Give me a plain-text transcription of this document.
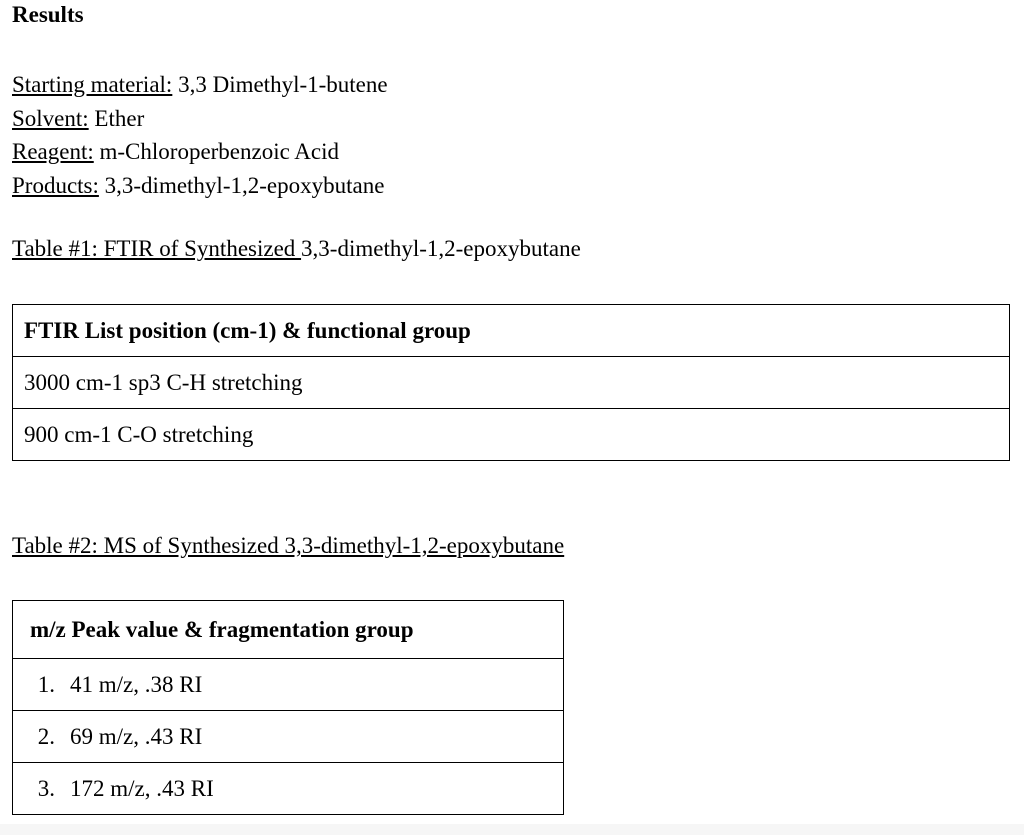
Results
Starting material: 3,3 Dimethyl-1-butene
Solvent: Ether
Reagent: m-Chloroperbenzoic Acid
Products: 3,3-dimethyl-1,2-epoxybutane
Table #1: FTIR of Synthesized 3,3-dimethyl-1,2-epoxybutane
FTIR List position (cm-1) & functional group
3000 cm-1 sp3 C-H stretching
900 cm-1 C-O stretching
Table #2: MS of Synthesized 3,3-dimethyl-1,2-epoxybutane
m/z Peak value & fragmentation group
1. 41 m/z, .38 RI
2. 69 m/z, .43 RI
3. 172 m/z, .43 RI
